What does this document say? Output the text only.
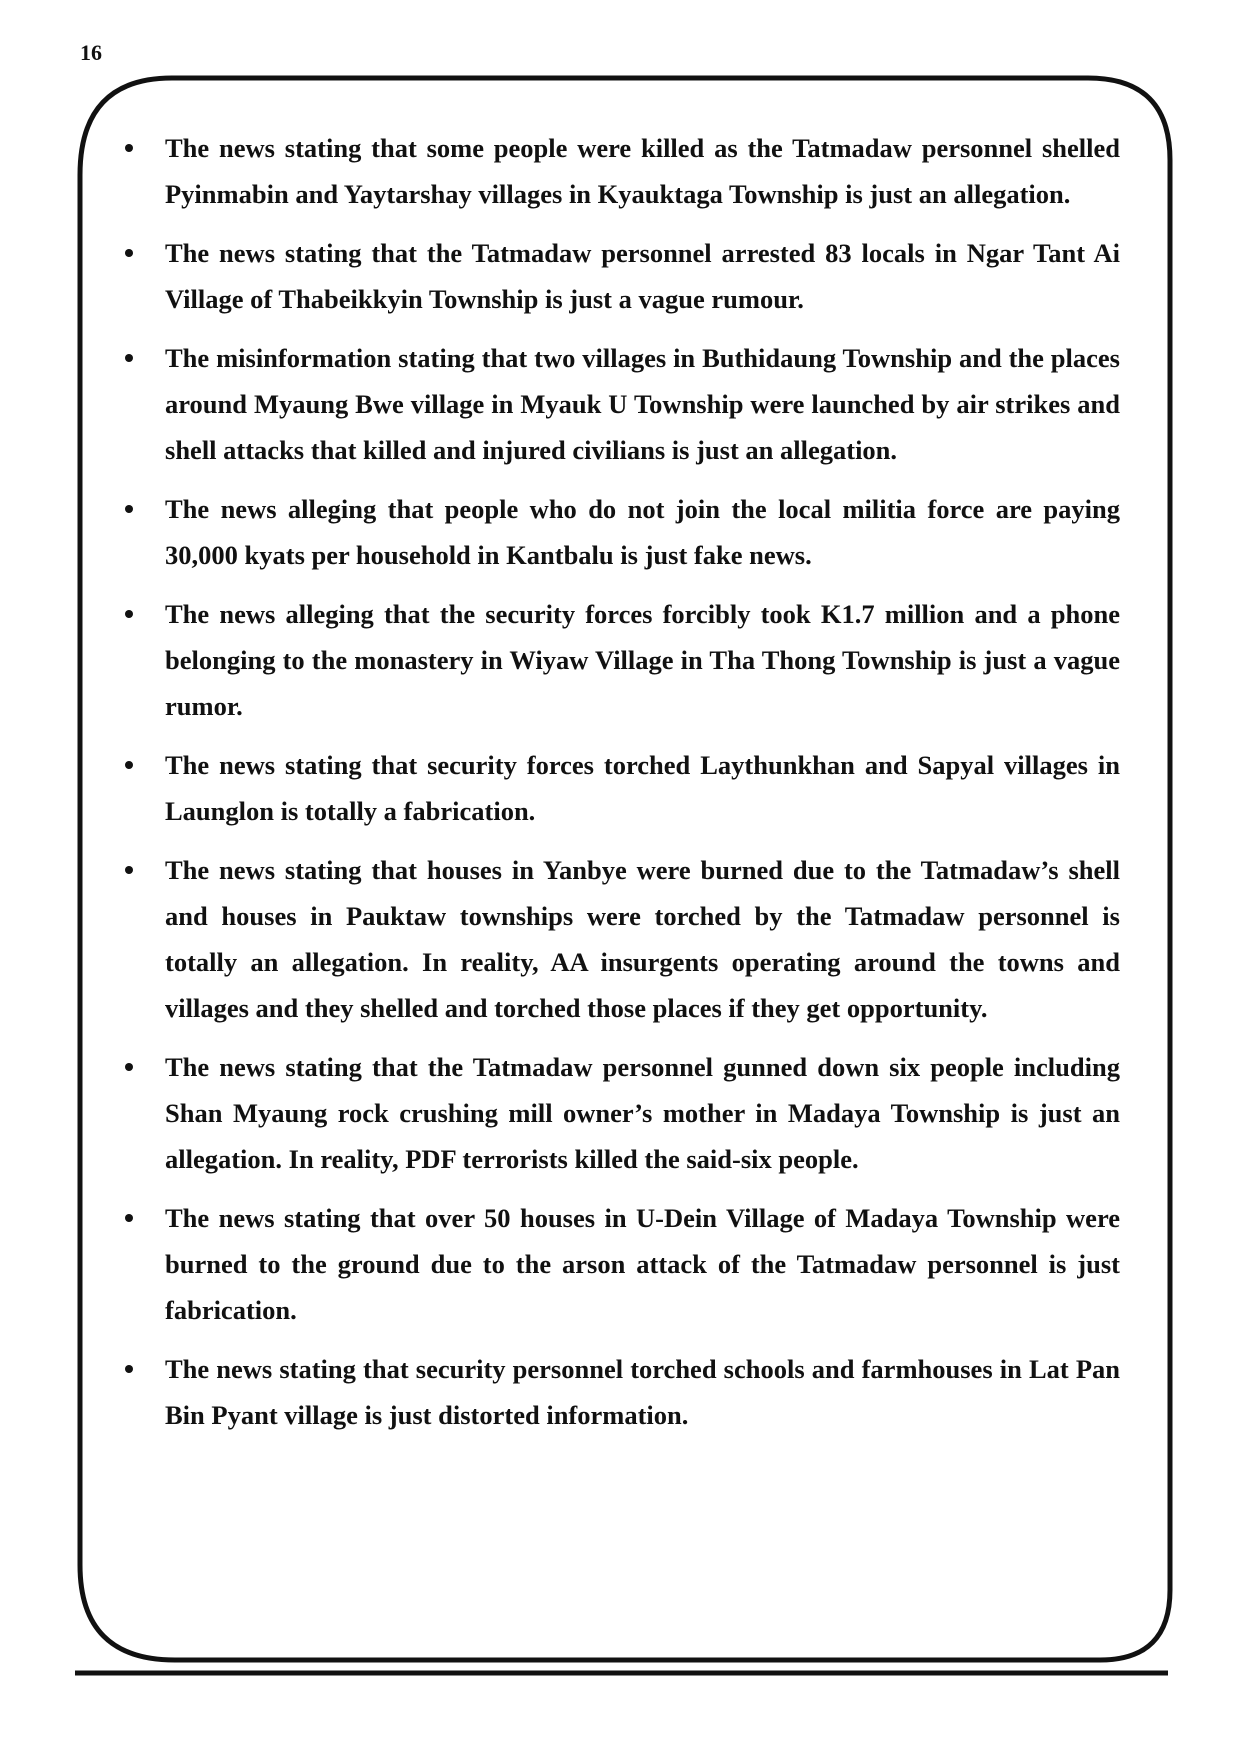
16
The news stating that some people were killed as the Tatmadaw personnel shelled Pyinmabin and Yaytarshay villages in Kyauktaga Township is just an allegation.
The news stating that the Tatmadaw personnel arrested 83 locals in Ngar Tant Ai Village of Thabeikkyin Township is just a vague rumour.
The misinformation stating that two villages in Buthidaung Township and the places around Myaung Bwe village in Myauk U Township were launched by air strikes and shell attacks that killed and injured civilians is just an allegation.
The news alleging that people who do not join the local militia force are paying 30,000 kyats per household in Kantbalu is just fake news.
The news alleging that the security forces forcibly took K1.7 million and a phone belonging to the monastery in Wiyaw Village in Tha Thong Township is just a vague rumor.
The news stating that security forces torched Laythunkhan and Sapyal villages in Launglon is totally a fabrication.
The news stating that houses in Yanbye were burned due to the Tatmadaw’s shell and houses in Pauktaw townships were torched by the Tatmadaw personnel is totally an allegation. In reality, AA insurgents operating around the towns and villages and they shelled and torched those places if they get opportunity.
The news stating that the Tatmadaw personnel gunned down six people including Shan Myaung rock crushing mill owner’s mother in Madaya Township is just an allegation. In reality, PDF terrorists killed the said-six people.
The news stating that over 50 houses in U-Dein Village of Madaya Township were burned to the ground due to the arson attack of the Tatmadaw personnel is just fabrication.
The news stating that security personnel torched schools and farmhouses in Lat Pan Bin Pyant village is just distorted information.
